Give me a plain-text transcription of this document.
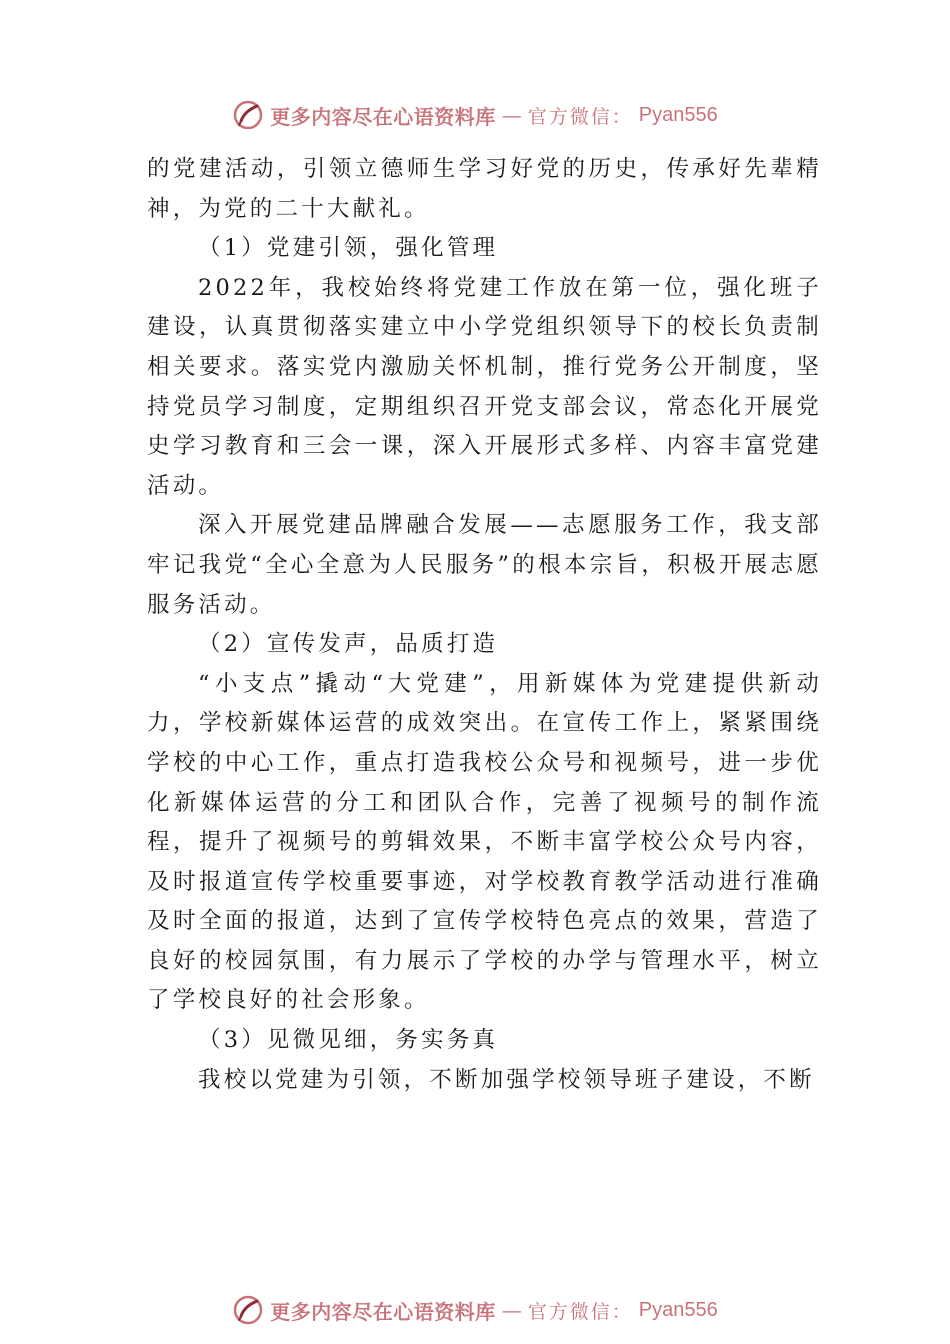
更多内容尽在心语资料库 — 官方微信： Pyan556

的党建活动，引领立德师生学习好党的历史，传承好先辈精神，为党的二十大献礼。

（1）党建引领，强化管理

2022年，我校始终将党建工作放在第一位，强化班子建设，认真贯彻落实建立中小学党组织领导下的校长负责制相关要求。落实党内激励关怀机制，推行党务公开制度，坚持党员学习制度，定期组织召开党支部会议，常态化开展党史学习教育和三会一课，深入开展形式多样、内容丰富党建活动。

深入开展党建品牌融合发展——志愿服务工作，我支部牢记我党“全心全意为人民服务”的根本宗旨，积极开展志愿服务活动。

（2）宣传发声，品质打造

“小支点”撬动“大党建”，用新媒体为党建提供新动力，学校新媒体运营的成效突出。在宣传工作上，紧紧围绕学校的中心工作，重点打造我校公众号和视频号，进一步优化新媒体运营的分工和团队合作，完善了视频号的制作流程，提升了视频号的剪辑效果，不断丰富学校公众号内容，及时报道宣传学校重要事迹，对学校教育教学活动进行准确及时全面的报道，达到了宣传学校特色亮点的效果，营造了良好的校园氛围，有力展示了学校的办学与管理水平，树立了学校良好的社会形象。

（3）见微见细，务实务真

我校以党建为引领，不断加强学校领导班子建设，不断

更多内容尽在心语资料库 — 官方微信： Pyan556
